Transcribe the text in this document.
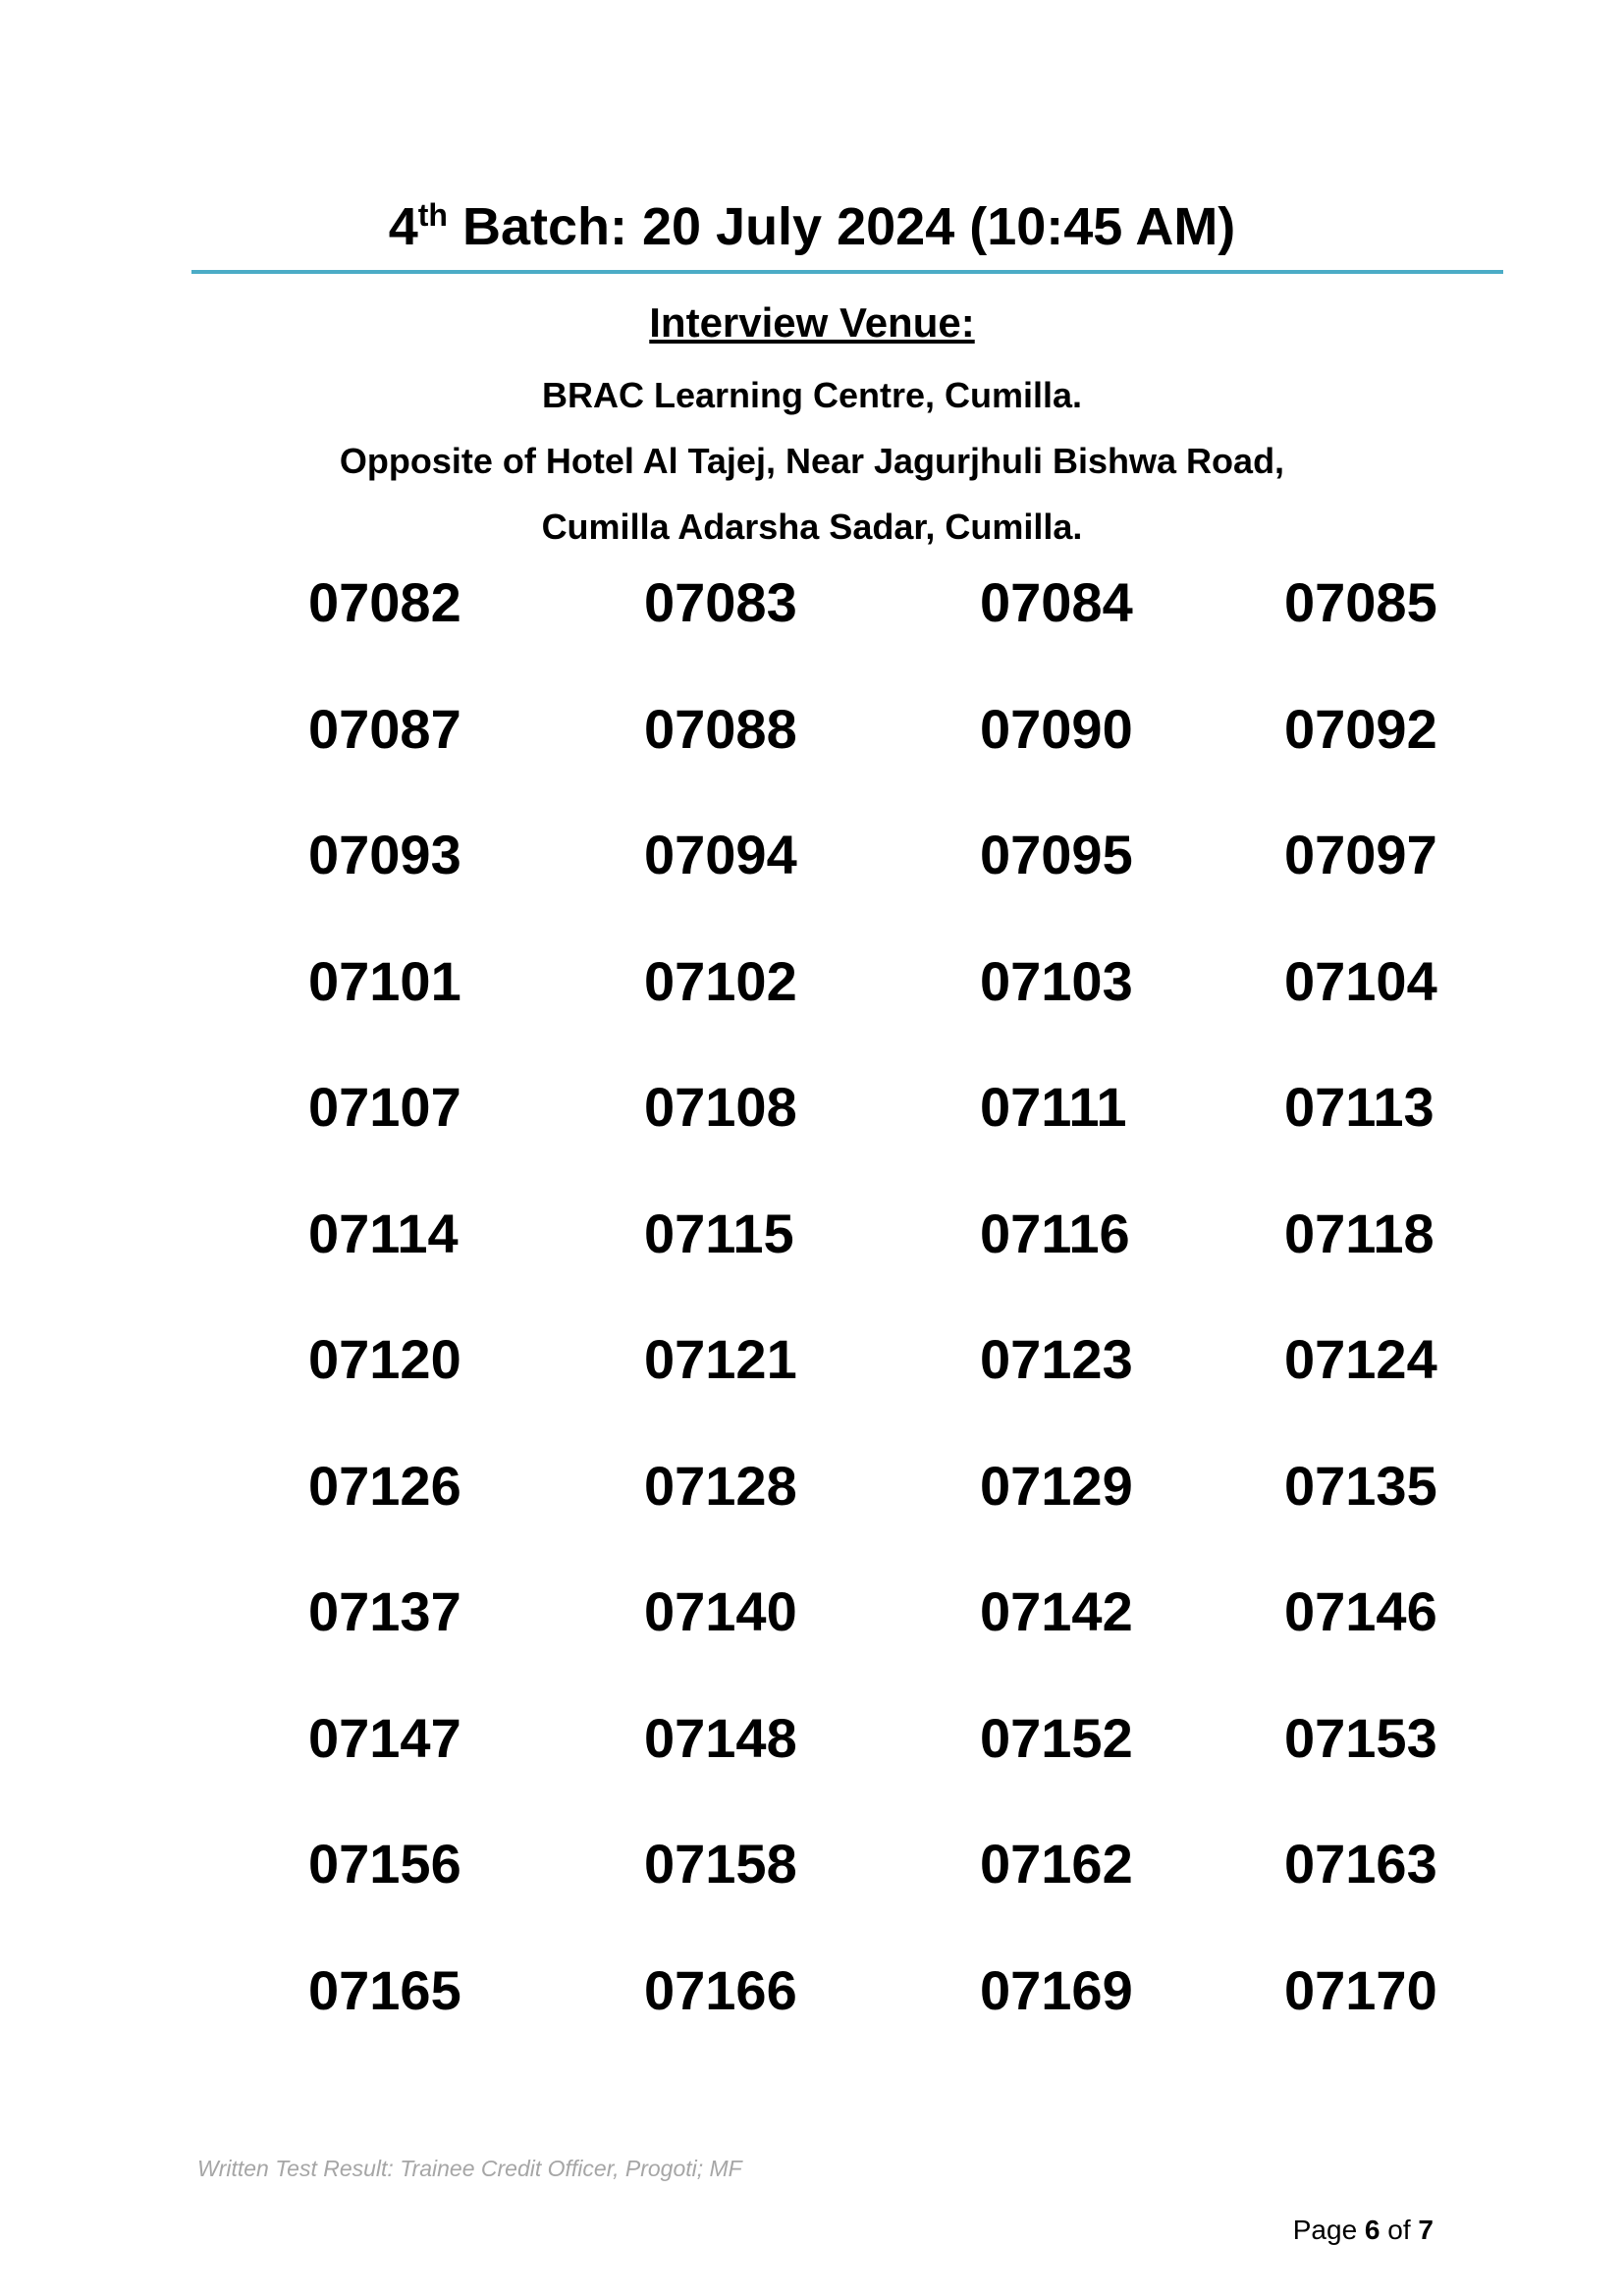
4th Batch: 20 July 2024 (10:45 AM)
Interview Venue:
BRAC Learning Centre, Cumilla.
Opposite of Hotel Al Tajej, Near Jagurjhuli Bishwa Road,
Cumilla Adarsha Sadar, Cumilla.
07082	07083	07084	07085
07087	07088	07090	07092
07093	07094	07095	07097
07101	07102	07103	07104
07107	07108	07111	07113
07114	07115	07116	07118
07120	07121	07123	07124
07126	07128	07129	07135
07137	07140	07142	07146
07147	07148	07152	07153
07156	07158	07162	07163
07165	07166	07169	07170
Written Test Result: Trainee Credit Officer, Progoti; MF
Page 6 of 7
